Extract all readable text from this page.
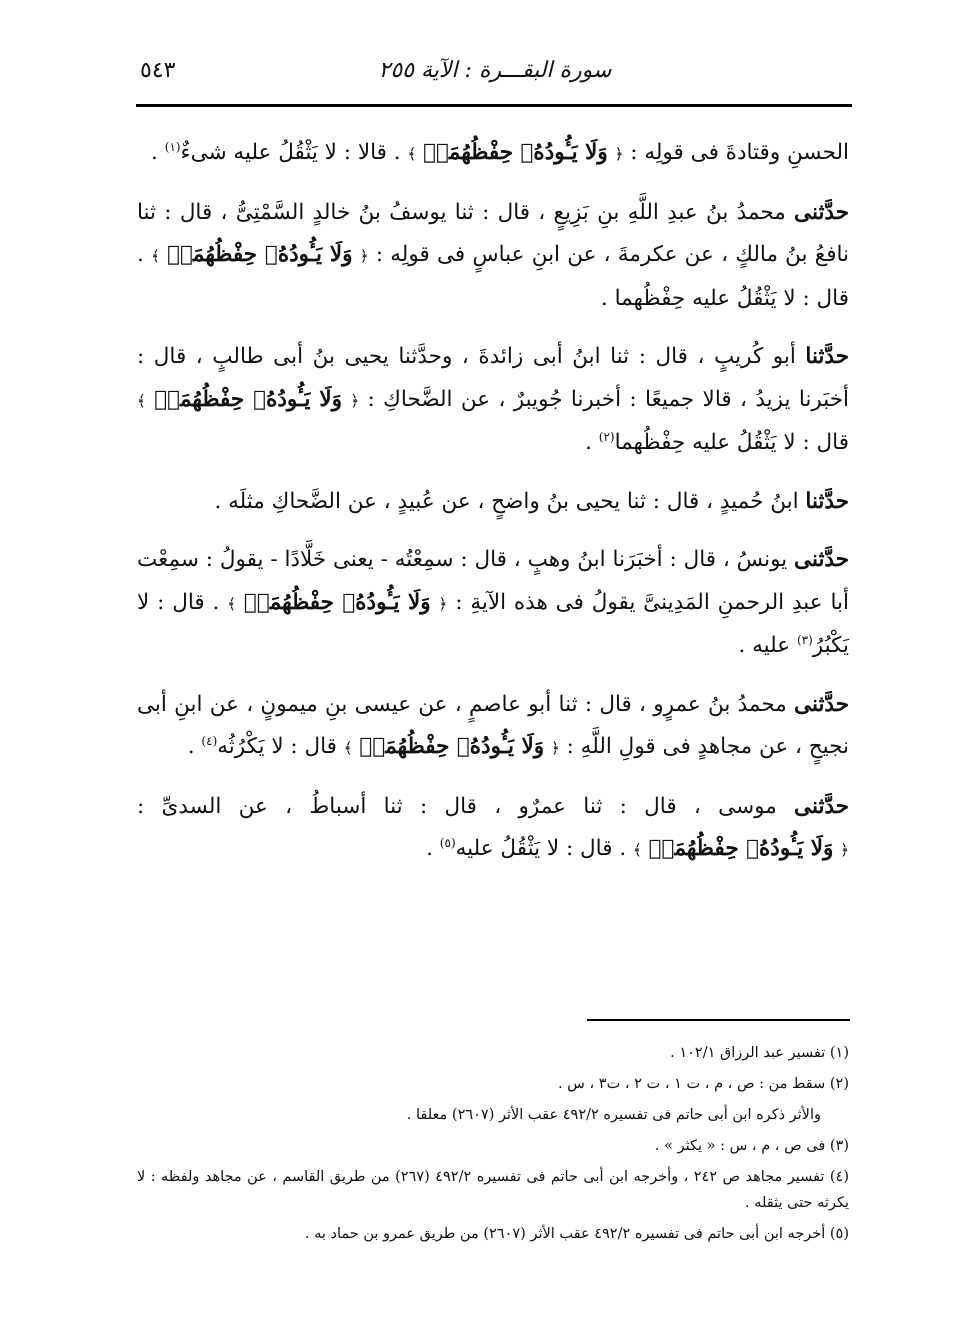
سورة البقـــرة : الآية ٢٥٥
٥٤٣

الحسنِ وقتادةَ فى قولِه : ﴿ وَلَا يَـُٔودُهُۥ حِفْظُهُمَاۚ ﴾ . قالا : لا يَثْقُلُ عليه شىءٌ$^{(١)}$ .

حدَّثنى محمدُ بنُ عبدِ اللَّهِ بنِ بَزِيعٍ ، قال : ثنا يوسفُ بنُ خالدٍ السَّمْتِىُّ ، قال : ثنا نافعُ بنُ مالكٍ ، عن عكرمةَ ، عن ابنِ عباسٍ فى قولِه : ﴿ وَلَا يَـُٔودُهُۥ حِفْظُهُمَاۚ ﴾ . قال : لا يَثْقُلُ عليه حِفْظُهما .

حدَّثنا أبو كُريبٍ ، قال : ثنا ابنُ أبى زائدةَ ، وحدَّثنا يحيى بنُ أبى طالبٍ ، قال : أخبَرنا يزيدُ ، قالا جميعًا : أخبرنا جُويبرٌ ، عن الضَّحاكِ : ﴿ وَلَا يَـُٔودُهُۥ حِفْظُهُمَاۚ ﴾ قال : لا يَثْقُلُ عليه حِفْظُهما$^{(٢)}$ .

حدَّثنا ابنُ حُميدٍ ، قال : ثنا يحيى بنُ واضحٍ ، عن عُبيدٍ ، عن الضَّحاكِ مثلَه .

حدَّثنى يونسُ ، قال : أخبَرَنا ابنُ وهبٍ ، قال : سمِعْتُه - يعنى خَلَّادًا - يقولُ : سمِعْت أبا عبدِ الرحمنِ المَدِينىَّ يقولُ فى هذه الآيةِ : ﴿ وَلَا يَـُٔودُهُۥ حِفْظُهُمَاۚ ﴾ . قال : لا يَكْبُرُ$^{(٣)}$ عليه .

حدَّثنى محمدُ بنُ عمرٍو ، قال : ثنا أبو عاصمٍ ، عن عيسى بنِ ميمونٍ ، عن ابنِ أبى نجيحٍ ، عن مجاهدٍ فى قولِ اللَّهِ : ﴿ وَلَا يَـُٔودُهُۥ حِفْظُهُمَاۚ ﴾ قال : لا يَكْرُثُه$^{(٤)}$ .

حدَّثنى موسى ، قال : ثنا عمرٌو ، قال : ثنا أسباطُ ، عن السدىِّ : ﴿ وَلَا يَـُٔودُهُۥ حِفْظُهُمَاۚ ﴾ . قال : لا يَثْقُلُ عليه$^{(٥)}$ .

(١) تفسير عبد الرزاق ١٠٢/١ .

(٢) سقط من : ص ، م ، ت ١ ، ت ٢ ، ت٣ ، س .

والأثر ذكره ابن أبى حاتم فى تفسيره ٤٩٢/٢ عقب الأثر (٢٦٠٧) معلقا .

(٣) فى ص ، م ، س : « يكثر » .

(٤) تفسير مجاهد ص ٢٤٢ ، وأخرجه ابن أبى حاتم فى تفسيره ٤٩٢/٢ (٢٦٧) من طريق القاسم ، عن مجاهد ولفظه : لا يكرثه حتى يثقله .

(٥) أخرجه ابن أبى حاتم فى تفسيره ٤٩٢/٢ عقب الأثر (٢٦٠٧) من طريق عمرو بن حماد به .
